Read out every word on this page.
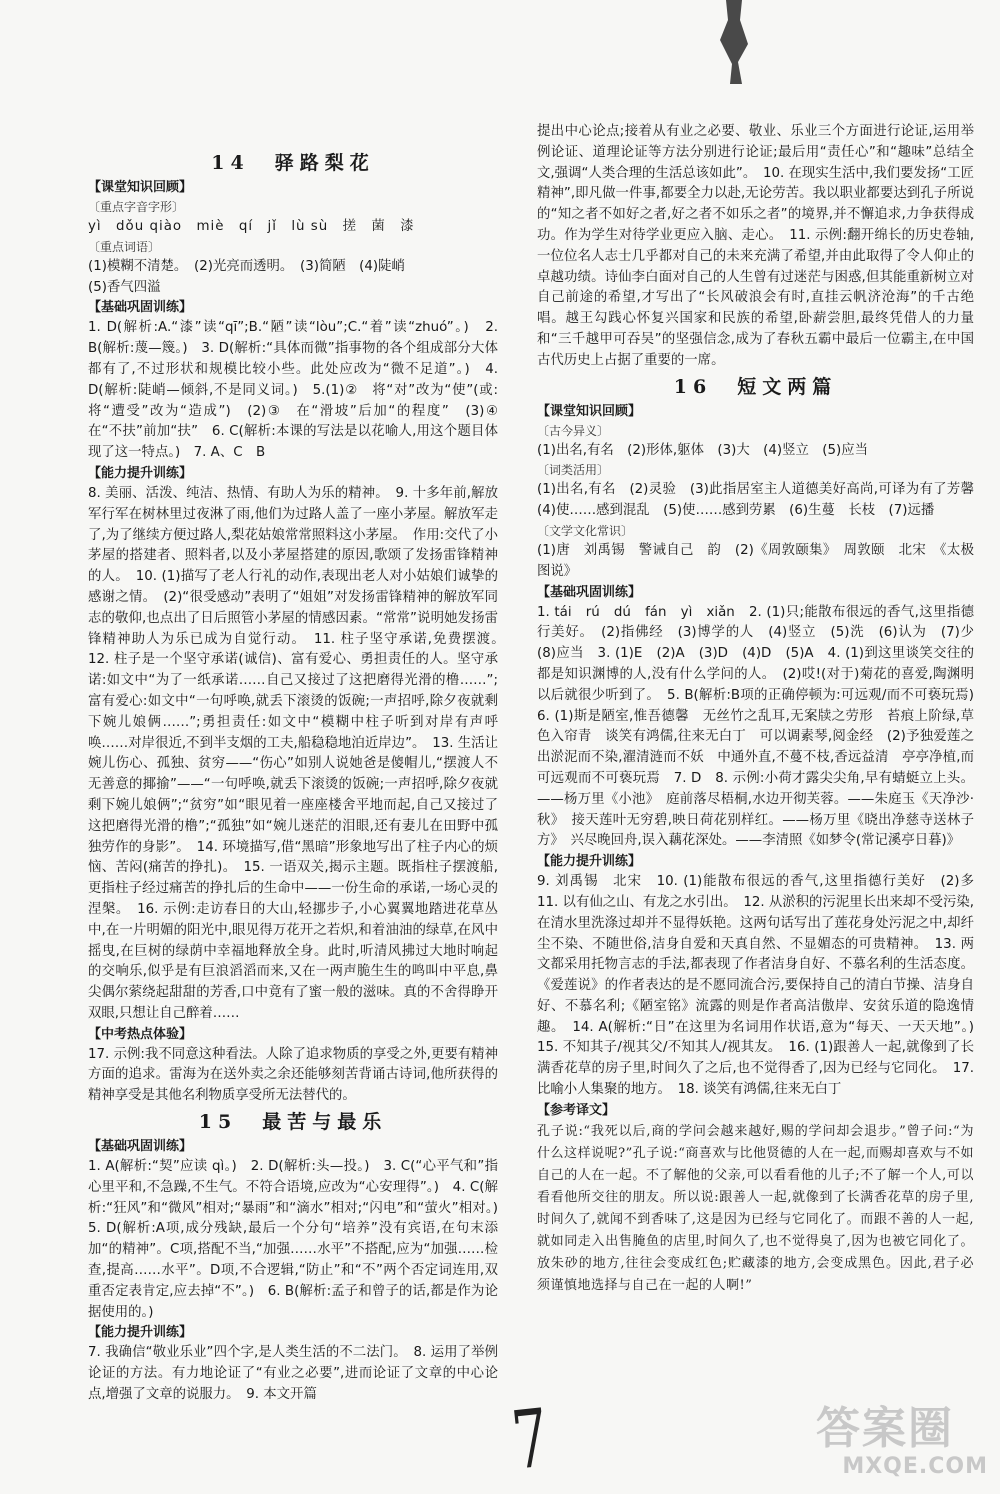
14　驿路梨花
【课堂知识回顾】
〔重点字音字形〕
yì　dǒu qiào　miè　qí　jǐ　lù sù　搓　菌　漆
〔重点词语〕
(1)模糊不清楚。　(2)光亮而透明。　(3)简陋　(4)陡峭
(5)香气四溢
【基础巩固训练】

1. D(解析:A.“漆”读“qī”;B.“陋”读“lòu”;C.“着”读“zhuó”。)　2. B(解析:蔑—篾。)　3. D(解析:“具体而微”指事物的各个组成部分大体都有了,不过形状和规模比较小些。此处应改为“微不足道”。)　4. D(解析:陡峭—倾斜,不是同义词。)　5.(1)②　将“对”改为“使”(或:将“遭受”改为“造成”)　(2)③　在“滑坡”后加“的程度”　(3)④　在“不扶”前加“扶”　6. C(解析:本课的写法是以花喻人,用这个题目体现了这一特点。)　7. A、C　B

【能力提升训练】

8. 美丽、活泼、纯洁、热情、有助人为乐的精神。　9. 十多年前,解放军行军在树林里过夜淋了雨,他们为过路人盖了一座小茅屋。解放军走了,为了继续方便过路人,梨花姑娘常常照料这小茅屋。　作用:交代了小茅屋的搭建者、照料者,以及小茅屋搭建的原因,歌颂了发扬雷锋精神的人。　10. (1)描写了老人行礼的动作,表现出老人对小姑娘们诚挚的感谢之情。　(2)“很受感动”表明了“姐姐”对发扬雷锋精神的解放军同志的敬仰,也点出了日后照管小茅屋的情感因素。“常常”说明她发扬雷锋精神助人为乐已成为自觉行动。　11. 柱子坚守承诺,免费摆渡。　12. 柱子是一个坚守承诺(诚信)、富有爱心、勇担责任的人。坚守承诺:如文中“为了一纸承诺……自己又接过了这把磨得光滑的橹……”;富有爱心:如文中“一句呼唤,就丢下滚烫的饭碗;一声招呼,除夕夜就剩下婉儿娘俩……”;勇担责任:如文中“模糊中柱子听到对岸有声呼唤……对岸很近,不到半支烟的工夫,船稳稳地泊近岸边”。　13. 生活让婉儿伤心、孤独、贫穷——“伤心”如别人说她爸是傻帽儿,“摆渡人不无善意的揶揄”——“一句呼唤,就丢下滚烫的饭碗;一声招呼,除夕夜就剩下婉儿娘俩”;“贫穷”如“眼见着一座座楼舍平地而起,自己又接过了这把磨得光滑的橹”;“孤独”如“婉儿迷茫的泪眼,还有妻儿在田野中孤独劳作的身影”。　14. 环境描写,借“黑暗”形象地写出了柱子内心的烦恼、苦闷(痛苦的挣扎)。　15. 一语双关,揭示主题。既指柱子摆渡船,更指柱子经过痛苦的挣扎后的生命中——一份生命的承诺,一场心灵的涅槃。　16. 示例:走访春日的大山,轻挪步子,小心翼翼地踏进花草丛中,在一片明媚的阳光中,眼见得万花开之若炽,和着油油的绿草,在风中摇曳,在巨树的绿荫中幸福地释放全身。此时,听清风拂过大地时响起的交响乐,似乎是有巨浪滔滔而来,又在一两声脆生生的鸣叫中平息,鼻尖偶尔萦绕起甜甜的芳香,口中竟有了蜜一般的滋味。真的不舍得睁开双眼,只想让自己醉着……

【中考热点体验】

17. 示例:我不同意这种看法。人除了追求物质的享受之外,更要有精神方面的追求。雷海为在送外卖之余还能够刻苦背诵古诗词,他所获得的精神享受是其他名利物质享受所无法替代的。

15　最苦与最乐
【基础巩固训练】

1. A(解析:“契”应读 qì。)　2. D(解析:头—投。)　3. C(“心平气和”指心里平和,不急躁,不生气。不符合语境,应改为“心安理得”。)　4. C(解析:“狂风”和“微风”相对;“暴雨”和“滴水”相对;“闪电”和“萤火”相对。)　5. D(解析:A项,成分残缺,最后一个分句“培养”没有宾语,在句末添加“的精神”。C项,搭配不当,“加强……水平”不搭配,应为“加强……检查,提高……水平”。D项,不合逻辑,“防止”和“不”两个否定词连用,双重否定表肯定,应去掉“不”。)　6. B(解析:孟子和曾子的话,都是作为论据使用的。)

【能力提升训练】

7. 我确信“敬业乐业”四个字,是人类生活的不二法门。　8. 运用了举例论证的方法。有力地论证了“有业之必要”,进而论证了文章的中心论点,增强了文章的说服力。　9. 本文开篇

提出中心论点;接着从有业之必要、敬业、乐业三个方面进行论证,运用举例论证、道理论证等方法分别进行论证;最后用“责任心”和“趣味”总结全文,强调“人类合理的生活总该如此”。　10. 在现实生活中,我们要发扬“工匠精神”,即凡做一件事,都要全力以赴,无论劳苦。我以职业都要达到孔子所说的“知之者不如好之者,好之者不如乐之者”的境界,并不懈追求,力争获得成功。作为学生对待学业更应入脑、走心。　11. 示例:翻开绵长的历史卷轴,一位位名人志士几乎都对自己的未来充满了希望,并由此取得了令人仰止的卓越功绩。诗仙李白面对自己的人生曾有过迷茫与困惑,但其能重新树立对自己前途的希望,才写出了“长风破浪会有时,直挂云帆济沧海”的千古绝唱。越王勾践心怀复兴国家和民族的希望,卧薪尝胆,最终凭借人的力量和“三千越甲可吞吴”的坚强信念,成为了春秋五霸中最后一位霸主,在中国古代历史上占据了重要的一席。

16　短文两篇
【课堂知识回顾】
〔古今异义〕

(1)出名,有名　(2)形体,躯体　(3)大　(4)竖立　(5)应当

〔词类活用〕

(1)出名,有名　(2)灵验　(3)此指居室主人道德美好高尚,可译为有了芳馨　(4)使……感到混乱　(5)使……感到劳累　(6)生蔓　长枝　(7)远播

〔文学文化常识〕

(1)唐　刘禹锡　警诫自己　韵　(2)《周敦颐集》　周敦颐　北宋　《太极图说》

【基础巩固训练】

1. tái　rú　dú　fán　yì　xiǎn　2. (1)只;能散布很远的香气,这里指德行美好。　(2)指佛经　(3)博学的人　(4)竖立　(5)洗　(6)认为　(7)少　(8)应当　3. (1)E　(2)A　(3)D　(4)D　(5)A　4. (1)到这里谈笑交往的都是知识渊博的人,没有什么学问的人。　(2)哎!(对于)菊花的喜爱,陶渊明以后就很少听到了。　5. B(解析:B项的正确停顿为:可远观/而不可亵玩焉)　6. (1)斯是陋室,惟吾德馨　无丝竹之乱耳,无案牍之劳形　苔痕上阶绿,草色入帘青　谈笑有鸿儒,往来无白丁　可以调素琴,阅金经　(2)予独爱莲之出淤泥而不染,濯清涟而不妖　中通外直,不蔓不枝,香远益清　亭亭净植,而可远观而不可亵玩焉　7. D　8. 示例:小荷才露尖尖角,早有蜻蜓立上头。——杨万里《小池》　庭前落尽梧桐,水边开彻芙蓉。——朱庭玉《天净沙·秋》　接天莲叶无穷碧,映日荷花别样红。——杨万里《晓出净慈寺送林子方》　兴尽晚回舟,误入藕花深处。——李清照《如梦令(常记溪亭日暮)》

【能力提升训练】

9. 刘禹锡　北宋　10. (1)能散布很远的香气,这里指德行美好　(2)多　11. 以有仙之山、有龙之水引出。　12. 从淤积的污泥里长出来却不受污染,在清水里洗涤过却并不显得妖艳。这两句话写出了莲花身处污泥之中,却纤尘不染、不随世俗,洁身自爱和天真自然、不显媚态的可贵精神。　13. 两文都采用托物言志的手法,都表现了作者洁身自好、不慕名利的生活态度。《爱莲说》的作者表达的是不愿同流合污,要保持自己的清白节操、洁身自好、不慕名利;《陋室铭》流露的则是作者高洁傲岸、安贫乐道的隐逸情趣。　14. A(解析:“日”在这里为名词用作状语,意为“每天、一天天地”。)　15. 不知其子/视其父/不知其人/视其友。　16. (1)跟善人一起,就像到了长满香花草的房子里,时间久了之后,也不觉得香了,因为已经与它同化。　17. 比喻小人集聚的地方。　18. 谈笑有鸿儒,往来无白丁

【参考译文】

孔子说:“我死以后,商的学问会越来越好,赐的学问却会退步。”曾子问:“为什么这样说呢?”孔子说:“商喜欢与比他贤德的人在一起,而赐却喜欢与不如自己的人在一起。不了解他的父亲,可以看看他的儿子;不了解一个人,可以看看他所交往的朋友。所以说:跟善人一起,就像到了长满香花草的房子里,时间久了,就闻不到香味了,这是因为已经与它同化了。而跟不善的人一起,就如同走入出售腌鱼的店里,时间久了,也不觉得臭了,因为也被它同化了。放朱砂的地方,往往会变成红色;贮藏漆的地方,会变成黑色。因此,君子必须谨慎地选择与自己在一起的人啊!”

7	答案圈
MXQE.COM
